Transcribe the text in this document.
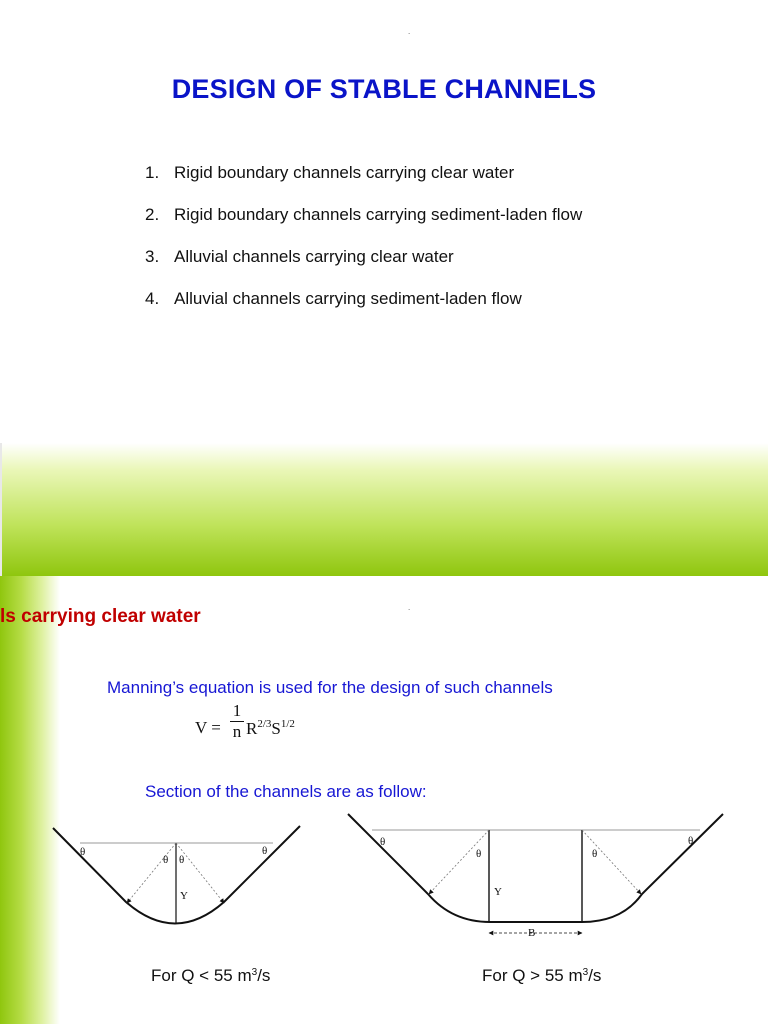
.
DESIGN OF STABLE CHANNELS
1. Rigid boundary channels carrying clear water
2. Rigid boundary channels carrying sediment-laden flow
3. Alluvial channels carrying clear water
4. Alluvial channels carrying sediment-laden flow
.
ls carrying clear water
Manning’s equation is used for the design of such channels
V =
1
n $R^{2/3}S^{1/2}$
Section of the channels are as follow:
θ	θ
θ θ
Y
θ	θ
θ	θ
Y
B
For Q < 55 $m^3/s$	For Q > 55 $m^3/s$
